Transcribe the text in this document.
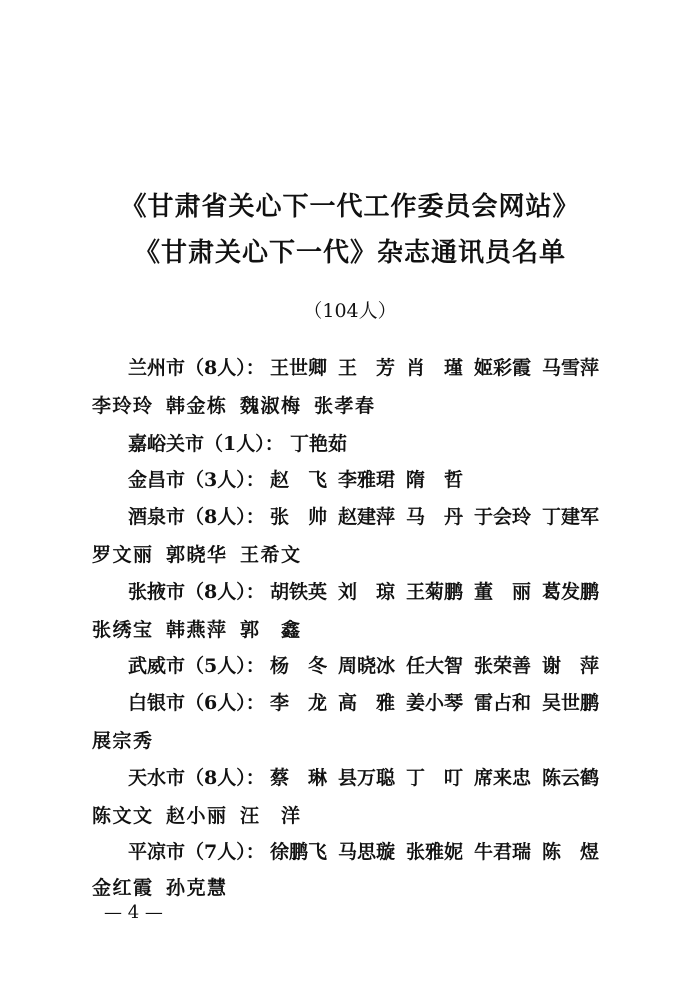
《甘肃省关心下一代工作委员会网站》
《甘肃关心下一代》杂志通讯员名单
（104人）
兰州市（8人）： 王世卿 王　芳 肖　瑾 姬彩霞 马雪萍
李玲玲 韩金栋 魏淑梅 张孝春
嘉峪关市（1人）： 丁艳茹
金昌市（3人）： 赵　飞 李雅珺 隋　哲
酒泉市（8人）： 张　帅 赵建萍 马　丹 于会玲 丁建军
罗文丽 郭晓华 王希文
张掖市（8人）： 胡铁英 刘　琼 王菊鹏 董　丽 葛发鹏
张绣宝 韩燕萍 郭　鑫
武威市（5人）： 杨　冬 周晓冰 任大智 张荣善 谢　萍
白银市（6人）： 李　龙 高　雅 姜小琴 雷占和 吴世鹏
展宗秀
天水市（8人）： 蔡　琳 县万聪 丁　叮 席来忠 陈云鹤
陈文文 赵小丽 汪　洋
平凉市（7人）： 徐鹏飞 马思璇 张雅妮 牛君瑞 陈　煜
金红霞 孙克慧
— 4 —
